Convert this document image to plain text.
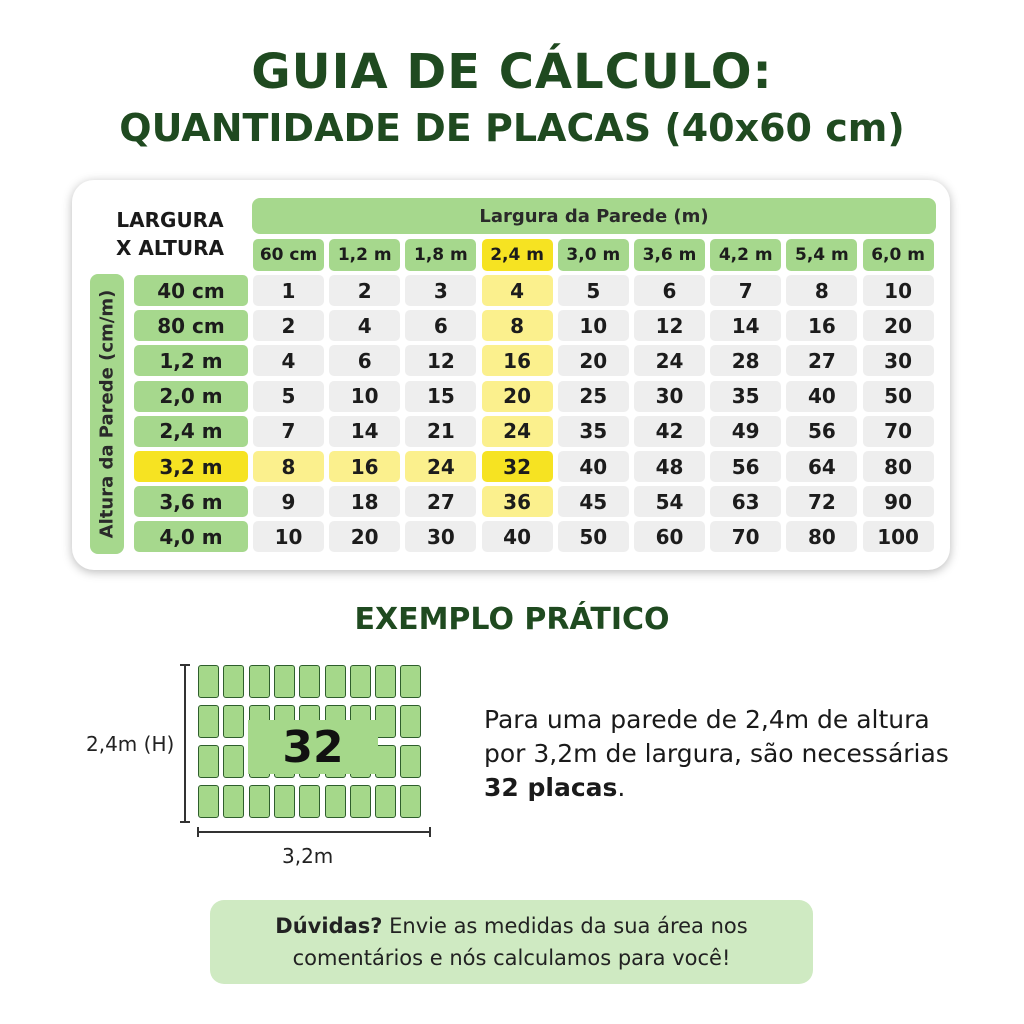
GUIA DE CÁLCULO:
QUANTIDADE DE PLACAS (40x60 cm)
LARGURA
X ALTURA
Largura da Parede (m)
Altura da Parede (cm/m)
60 cm	1,2 m	1,8 m	2,4 m	3,0 m	3,6 m	4,2 m	5,4 m	6,0 m
40 cm	1	2	3	4	5	6	7	8	10
80 cm	2	4	6	8	10	12	14	16	20
1,2 m	4	6	12	16	20	24	28	27	30
2,0 m	5	10	15	20	25	30	35	40	50
2,4 m	7	14	21	24	35	42	49	56	70
3,2 m	8	16	24	32	40	48	56	64	80
3,6 m	9	18	27	36	45	54	63	72	90
4,0 m	10	20	30	40	50	60	70	80	100
EXEMPLO PRÁTICO
32
2,4m (H)
3,2m
Para uma parede de 2,4m de altura por 3,2m de largura, são necessárias 32 placas.
Dúvidas? Envie as medidas da sua área nos comentários e nós calculamos para você!
